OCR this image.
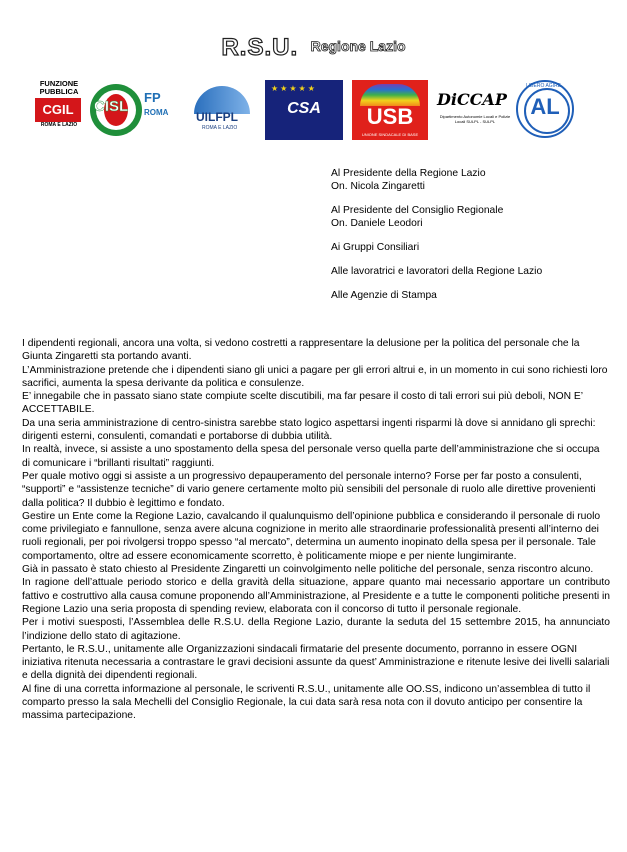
R.S.U. Regione Lazio
FUNZIONE
PUBBLICA
CGIL
ROMA E LAZIO
CISL
FP
ROMA UILFPL
ROMA E LAZIO
★★★★★
CSA	USB
UNIONE SINDACALE DI BASE
DiCCAP
Dipartimento Autonomie Locali e Polizie Locali SULPL - SULPL
LIBERO AGIRE
AL
Al Presidente della Regione Lazio
On. Nicola Zingaretti
Al Presidente del Consiglio Regionale
On. Daniele Leodori
Ai Gruppi Consiliari
Alle lavoratrici e lavoratori della Regione Lazio
Alle Agenzie di Stampa

I dipendenti regionali, ancora una volta, si vedono costretti a rappresentare la delusione per la politica del personale che la Giunta Zingaretti sta portando avanti.

L’Amministrazione pretende che i dipendenti siano gli unici a pagare per gli errori altrui e, in un momento in cui sono richiesti loro sacrifici, aumenta la spesa derivante da politica e consulenze.

E’ innegabile che in passato siano state compiute scelte discutibili, ma far pesare il costo di tali errori sui più deboli, NON E’ ACCETTABILE.

Da una seria amministrazione di centro-sinistra sarebbe stato logico aspettarsi ingenti risparmi là dove si annidano gli sprechi: dirigenti esterni, consulenti, comandati e portaborse di dubbia utilità.

In realtà, invece, si assiste a uno spostamento della spesa del personale verso quella parte dell’amministrazione che si occupa di comunicare i “brillanti risultati” raggiunti.

Per quale motivo oggi si assiste a un progressivo depauperamento del personale interno? Forse per far posto a consulenti, “supporti” e “assistenze tecniche” di vario genere certamente molto più sensibili del personale di ruolo alle direttive provenienti dalla politica? Il dubbio è legittimo e fondato.

Gestire un Ente come la Regione Lazio, cavalcando il qualunquismo dell’opinione pubblica e considerando il personale di ruolo come privilegiato e fannullone, senza avere alcuna cognizione in merito alle straordinarie professionalità presenti all’interno dei ruoli regionali, per poi rivolgersi troppo spesso “al mercato”, determina un aumento inopinato della spesa per il personale. Tale comportamento, oltre ad essere economicamente scorretto, è politicamente miope e per niente lungimirante.

Già in passato è stato chiesto al Presidente Zingaretti un coinvolgimento nelle politiche del personale, senza riscontro alcuno.

In ragione dell’attuale periodo storico e della gravità della situazione, appare quanto mai necessario apportare un contributo fattivo e costruttivo alla causa comune proponendo all’Amministrazione, al Presidente e a tutte le componenti politiche presenti in Regione Lazio una seria proposta di spending review, elaborata con il concorso di tutto il personale regionale.

Per i motivi suesposti, l’Assemblea delle R.S.U. della Regione Lazio, durante la seduta del 15 settembre 2015, ha annunciato l’indizione dello stato di agitazione.

Pertanto, le R.S.U., unitamente alle Organizzazioni sindacali firmatarie del presente documento, porranno in essere OGNI iniziativa ritenuta necessaria a contrastare le gravi decisioni assunte da quest’ Amministrazione e ritenute lesive dei livelli salariali e della dignità dei dipendenti regionali.

Al fine di una corretta informazione al personale, le scriventi R.S.U., unitamente alle OO.SS, indicono un’assemblea di tutto il comparto presso la sala Mechelli del Consiglio Regionale, la cui data sarà resa nota con il dovuto anticipo per consentire la massima partecipazione.
